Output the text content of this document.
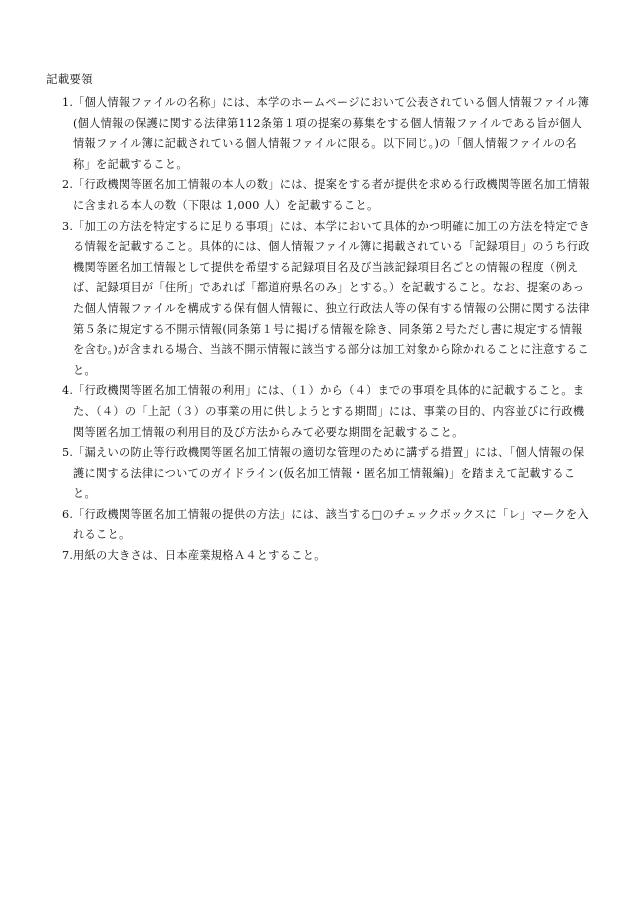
記載要領
1. 「個人情報ファイルの名称」には、本学のホームページにおいて公表されている個人情報ファイル簿(個人情報の保護に関する法律第112条第１項の提案の募集をする個人情報ファイルである旨が個人情報ファイル簿に記載されている個人情報ファイルに限る。以下同じ。)の「個人情報ファイルの名称」を記載すること。
2. 「行政機関等匿名加工情報の本人の数」には、提案をする者が提供を求める行政機関等匿名加工情報に含まれる本人の数（下限は 1,000 人）を記載すること。
3. 「加工の方法を特定するに足りる事項」には、本学において具体的かつ明確に加工の方法を特定できる情報を記載すること。具体的には、個人情報ファイル簿に掲載されている「記録項目」のうち行政機関等匿名加工情報として提供を希望する記録項目名及び当該記録項目名ごとの情報の程度（例えば、記録項目が「住所」であれば「都道府県名のみ」とする。）を記載すること。なお、提案のあった個人情報ファイルを構成する保有個人情報に、独立行政法人等の保有する情報の公開に関する法律第５条に規定する不開示情報(同条第１号に掲げる情報を除き、同条第２号ただし書に規定する情報を含む。)が含まれる場合、当該不開示情報に該当する部分は加工対象から除かれることに注意すること。
4. 「行政機関等匿名加工情報の利用」には、（１）から（４）までの事項を具体的に記載すること。また、（４）の「上記（３）の事業の用に供しようとする期間」には、事業の目的、内容並びに行政機関等匿名加工情報の利用目的及び方法からみて必要な期間を記載すること。
5. 「漏えいの防止等行政機関等匿名加工情報の適切な管理のために講ずる措置」には、「個人情報の保護に関する法律についてのガイドライン(仮名加工情報・匿名加工情報編)」を踏まえて記載すること。
6. 「行政機関等匿名加工情報の提供の方法」には、該当する□のチェックボックスに「レ」マークを入れること。
7. 用紙の大きさは、日本産業規格Ａ４とすること。
